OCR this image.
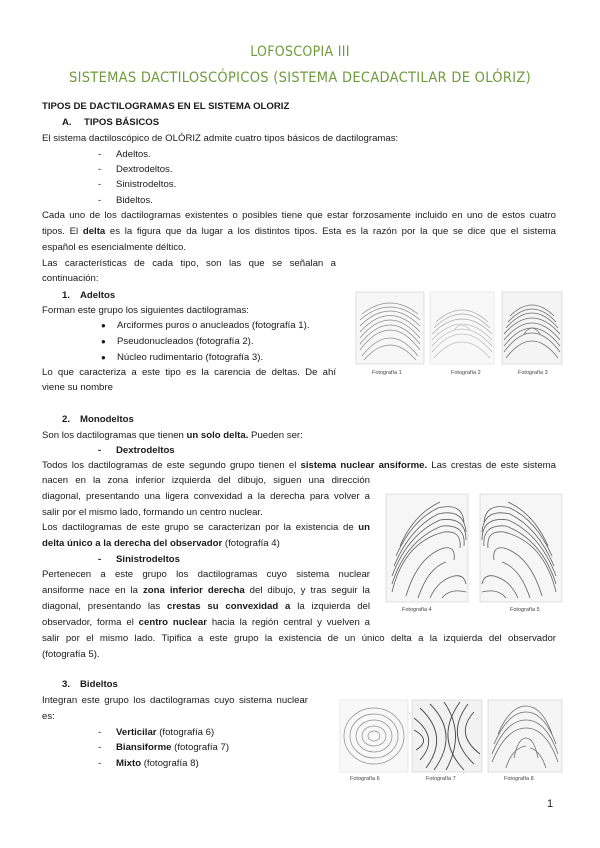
LOFOSCOPIA III
SISTEMAS DACTILOSCÓPICOS (SISTEMA DECADACTILAR DE OLÓRIZ)
TIPOS DE DACTILOGRAMAS EN EL SISTEMA OLORIZ
A. TIPOS BÁSICOS
El sistema dactiloscópico de OLÓRIZ admite cuatro tipos básicos de dactilogramas:
- Adeltos.
- Dextrodeltos.
- Sinistrodeltos.
- Bideltos.
Cada uno de los dactilogramas existentes o posibles tiene que estar forzosamente incluido en uno de estos cuatro
tipos. El delta es la figura que da lugar a los distintos tipos. Esta es la razón por la que se dice que el sistema
español es esencialmente déltico.
Las características de cada tipo, son las que se señalan a
continuación:
1. Adeltos
Forman este grupo los siguientes dactilogramas:
● Arciformes puros o anucleados (fotografía 1).
● Pseudonucleados (fotografía 2).
● Núcleo rudimentario (fotografía 3).
Lo que caracteriza a este tipo es la carencia de deltas. De ahí
viene su nombre
Fotografía 1	Fotografía 2	Fotografía 3
2. Monodeltos
Son los dactilogramas que tienen un solo delta. Pueden ser:
- Dextrodeltos
Todos los dactilogramas de este segundo grupo tienen el sistema nuclear ansiforme. Las crestas de este sistema
nacen en la zona inferior izquierda del dibujo, siguen una dirección
diagonal, presentando una ligera convexidad a la derecha para volver a
salir por el mismo lado, formando un centro nuclear.
Los dactilogramas de este grupo se caracterizan por la existencia de un
delta único a la derecha del observador (fotografía 4)
- Sinistrodeltos
Pertenecen a este grupo los dactilogramas cuyo sistema nuclear
ansiforme nace en la zona inferior derecha del dibujo, y tras seguir la
diagonal, presentando las crestas su convexidad a la izquierda del
observador, forma el centro nuclear hacia la región central y vuelven a
salir por el mismo lado. Tipifica a este grupo la existencia de un único delta a la izquierda del observador
(fotografía 5).
Fotografía 4	Fotografía 5
3. Bideltos
Integran este grupo los dactilogramas cuyo sistema nuclear
es:
- Verticilar (fotografía 6)
- Biansiforme (fotografía 7)
- Mixto (fotografía 8)
Fotografía 6	Fotografía 7	Fotografía 8
1
